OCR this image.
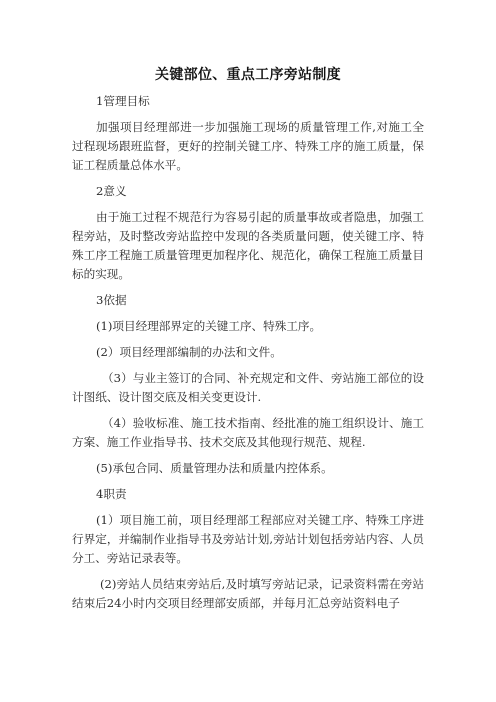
关键部位、重点工序旁站制度

1管理目标

加强项目经理部进一步加强施工现场的质量管理工作,对施工全过程现场跟班监督，更好的控制关键工序、特殊工序的施工质量，保证工程质量总体水平。

2意义

由于施工过程不规范行为容易引起的质量事故或者隐患，加强工程旁站，及时整改旁站监控中发现的各类质量问题，使关键工序、特殊工序工程施工质量管理更加程序化、规范化，确保工程施工质量目标的实现。

3依据

(1)项目经理部界定的关键工序、特殊工序。

(2）项目经理部编制的办法和文件。

（3）与业主签订的合同、补充规定和文件、旁站施工部位的设计图纸、设计图交底及相关变更设计.

（4）验收标准、施工技术指南、经批准的施工组织设计、施工方案、施工作业指导书、技术交底及其他现行规范、规程.

(5)承包合同、质量管理办法和质量内控体系。

4职责

(1）项目施工前，项目经理部工程部应对关键工序、特殊工序进行界定，并编制作业指导书及旁站计划,旁站计划包括旁站内容、人员分工、旁站记录表等。

(2)旁站人员结束旁站后,及时填写旁站记录，记录资料需在旁站结束后24小时内交项目经理部安质部，并每月汇总旁站资料电子
